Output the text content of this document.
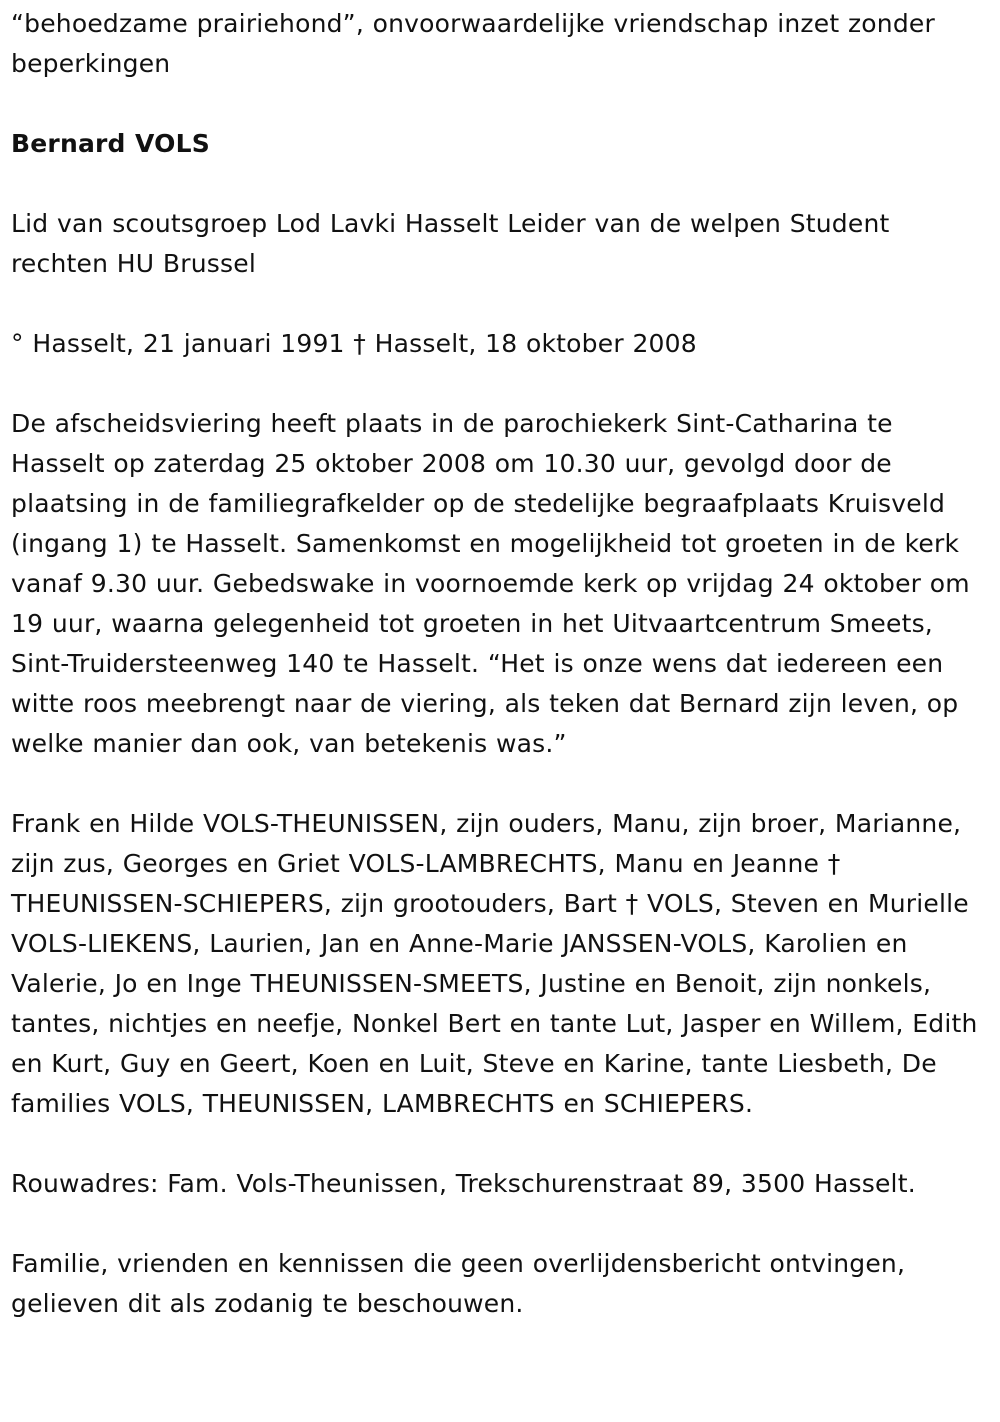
“behoedzame prairiehond”, onvoorwaardelijke vriendschap inzet zonder beperkingen

Bernard VOLS

Lid van scoutsgroep Lod Lavki Hasselt Leider van de welpen Student rechten HU Brussel

° Hasselt, 21 januari 1991 † Hasselt, 18 oktober 2008

De afscheidsviering heeft plaats in de parochiekerk Sint-Catharina te Hasselt op zaterdag 25 oktober 2008 om 10.30 uur, gevolgd door de plaatsing in de familiegrafkelder op de stedelijke begraafplaats Kruisveld (ingang 1) te Hasselt. Samenkomst en mogelijkheid tot groeten in de kerk vanaf 9.30 uur. Gebedswake in voornoemde kerk op vrijdag 24 oktober om 19 uur, waarna gelegenheid tot groeten in het Uitvaartcentrum Smeets, Sint-Truidersteenweg 140 te Hasselt. “Het is onze wens dat iedereen een witte roos meebrengt naar de viering, als teken dat Bernard zijn leven, op welke manier dan ook, van betekenis was.”

Frank en Hilde VOLS-THEUNISSEN, zijn ouders, Manu, zijn broer, Marianne, zijn zus, Georges en Griet VOLS-LAMBRECHTS, Manu en Jeanne † THEUNISSEN-SCHIEPERS, zijn grootouders, Bart † VOLS, Steven en Murielle VOLS-LIEKENS, Laurien, Jan en Anne-Marie JANSSEN-VOLS, Karolien en Valerie, Jo en Inge THEUNISSEN-SMEETS, Justine en Benoit, zijn nonkels, tantes, nichtjes en neefje, Nonkel Bert en tante Lut, Jasper en Willem, Edith en Kurt, Guy en Geert, Koen en Luit, Steve en Karine, tante Liesbeth, De families VOLS, THEUNISSEN, LAMBRECHTS en SCHIEPERS.

Rouwadres: Fam. Vols-Theunissen, Trekschurenstraat 89, 3500 Hasselt.

Familie, vrienden en kennissen die geen overlijdensbericht ontvingen, gelieven dit als zodanig te beschouwen.
